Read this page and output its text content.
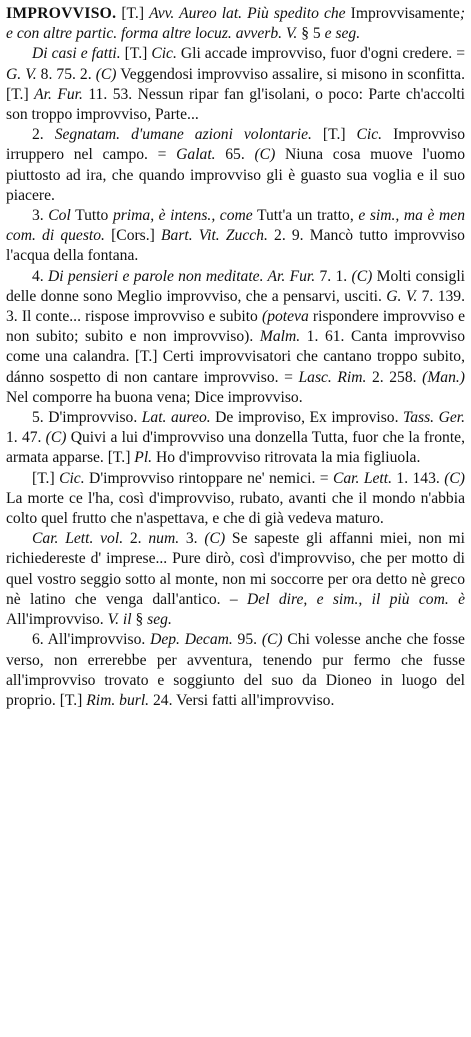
IMPROVVISO. [T.] Avv. Aureo lat. Più spedito che Improvvisamente; e con altre partic. forma altre locuz. avverb. V. § 5 e seg.

Di casi e fatti. [T.] Cic. Gli accade improvviso, fuor d'ogni credere. = G. V. 8. 75. 2. (C) Veggendosi improvviso assalire, si misono in sconfitta. [T.] Ar. Fur. 11. 53. Nessun ripar fan gl'isolani, o poco: Parte ch'accolti son troppo improvviso, Parte...

2. Segnatam. d'umane azioni volontarie. [T.] Cic. Improvviso irruppero nel campo. = Galat. 65. (C) Niuna cosa muove l'uomo piuttosto ad ira, che quando improvviso gli è guasto sua voglia e il suo piacere.

3. Col Tutto prima, è intens., come Tutt'a un tratto, e sim., ma è men com. di questo. [Cors.] Bart. Vit. Zucch. 2. 9. Mancò tutto improvviso l'acqua della fontana.

4. Di pensieri e parole non meditate. Ar. Fur. 7. 1. (C) Molti consigli delle donne sono Meglio improvviso, che a pensarvi, usciti. G. V. 7. 139. 3. Il conte... rispose improvviso e subito (poteva rispondere improvviso e non subito; subito e non improvviso). Malm. 1. 61. Canta improvviso come una calandra. [T.] Certi improvvisatori che cantano troppo subito, dánno sospetto di non cantare improvviso. = Lasc. Rim. 2. 258. (Man.) Nel comporre ha buona vena; Dice improvviso.

5. D'improvviso. Lat. aureo. De improviso, Ex improviso. Tass. Ger. 1. 47. (C) Quivi a lui d'improvviso una donzella Tutta, fuor che la fronte, armata apparse. [T.] Pl. Ho d'improvviso ritrovata la mia figliuola.

[T.] Cic. D'improvviso rintoppare ne' nemici. = Car. Lett. 1. 143. (C) La morte ce l'ha, così d'improvviso, rubato, avanti che il mondo n'abbia colto quel frutto che n'aspettava, e che di già vedeva maturo.

Car. Lett. vol. 2. num. 3. (C) Se sapeste gli affanni miei, non mi richiedereste d' imprese... Pure dirò, così d'improvviso, che per motto di quel vostro seggio sotto al monte, non mi soccorre per ora detto nè greco nè latino che venga dall'antico. – Del dire, e sim., il più com. è All'improvviso. V. il § seg.

6. All'improvviso. Dep. Decam. 95. (C) Chi volesse anche che fosse verso, non errerebbe per avventura, tenendo pur fermo che fusse all'improvviso trovato e soggiunto del suo da Dioneo in luogo del proprio. [T.] Rim. burl. 24. Versi fatti all'improvviso.
